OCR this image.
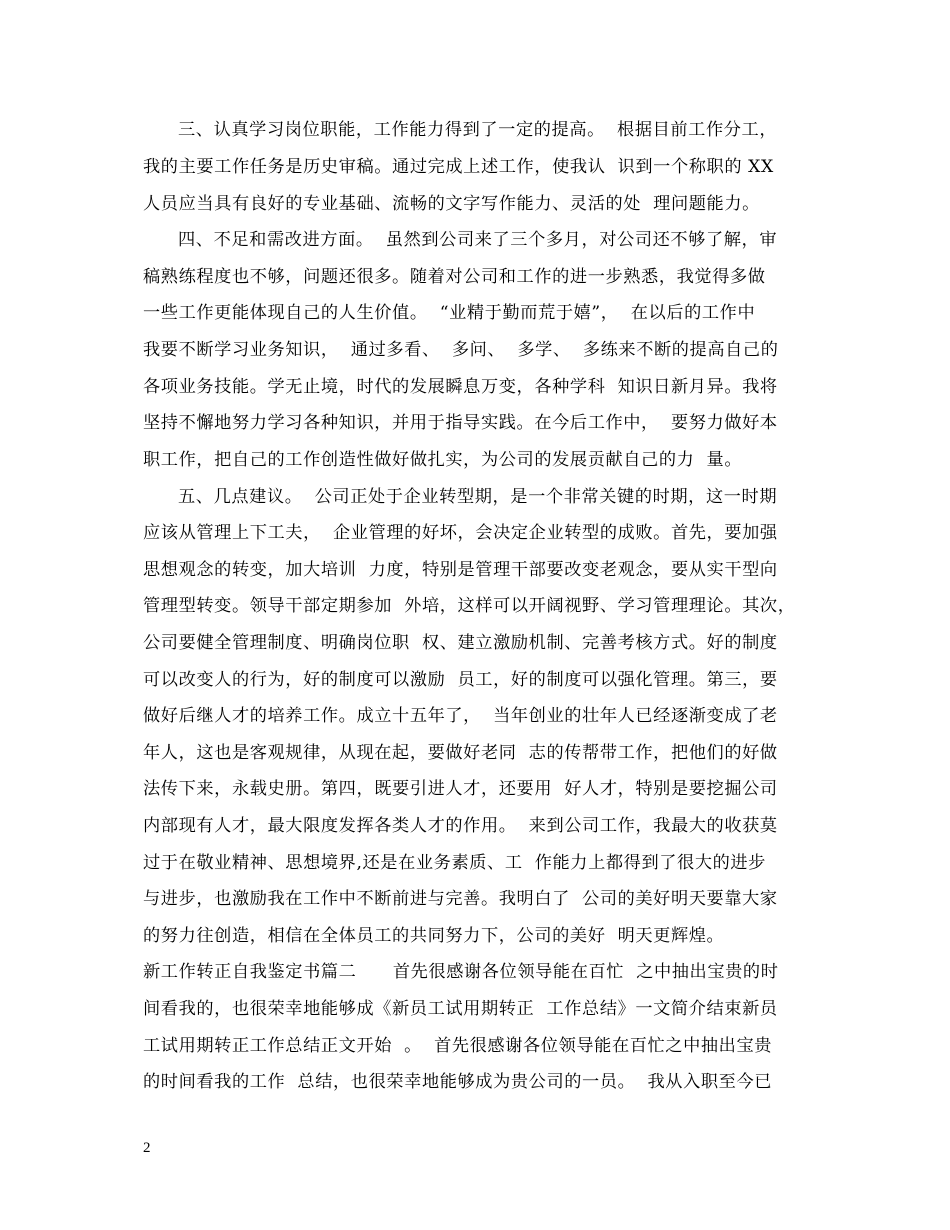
三、认真学习岗位职能，工作能力得到了一定的提高。  根据目前工作分工，
我的主要工作任务是历史审稿。通过完成上述工作，使我认  识到一个称职的 XX
人员应当具有良好的专业基础、流畅的文字写作能力、灵活的处  理问题能力。
四、不足和需改进方面。  虽然到公司来了三个多月，对公司还不够了解，审
稿熟练程度也不够，问题还很多。随着对公司和工作的进一步熟悉，我觉得多做
一些工作更能体现自己的人生价值。  “业精于勤而荒于嬉”，  在以后的工作中
我要不断学习业务知识，  通过多看、  多问、  多学、  多练来不断的提高自己的
各项业务技能。学无止境，时代的发展瞬息万变，各种学科  知识日新月异。我将
坚持不懈地努力学习各种知识，并用于指导实践。在今后工作中，  要努力做好本
职工作，把自己的工作创造性做好做扎实，为公司的发展贡献自己的力  量。
五、几点建议。  公司正处于企业转型期，是一个非常关键的时期，这一时期
应该从管理上下工夫，  企业管理的好坏，会决定企业转型的成败。首先，要加强
思想观念的转变，加大培训  力度，特别是管理干部要改变老观念，要从实干型向
管理型转变。领导干部定期参加  外培，这样可以开阔视野、学习管理理论。其次，
公司要健全管理制度、明确岗位职  权、建立激励机制、完善考核方式。好的制度
可以改变人的行为，好的制度可以激励  员工，好的制度可以强化管理。第三，要
做好后继人才的培养工作。成立十五年了，  当年创业的壮年人已经逐渐变成了老
年人，这也是客观规律，从现在起，要做好老同  志的传帮带工作，把他们的好做
法传下来，永载史册。第四，既要引进人才，还要用  好人才，特别是要挖掘公司
内部现有人才，最大限度发挥各类人才的作用。  来到公司工作，我最大的收获莫
过于在敬业精神、思想境界,还是在业务素质、工  作能力上都得到了很大的进步
与进步，也激励我在工作中不断前进与完善。我明白了  公司的美好明天要靠大家
的努力往创造，相信在全体员工的共同努力下，公司的美好  明天更辉煌。
新工作转正自我鉴定书篇二      首先很感谢各位领导能在百忙  之中抽出宝贵的时
间看我的，也很荣幸地能够成《新员工试用期转正  工作总结》一文简介结束新员
工试用期转正工作总结正文开始  。  首先很感谢各位领导能在百忙之中抽出宝贵
的时间看我的工作  总结，也很荣幸地能够成为贵公司的一员。  我从入职至今已
2
